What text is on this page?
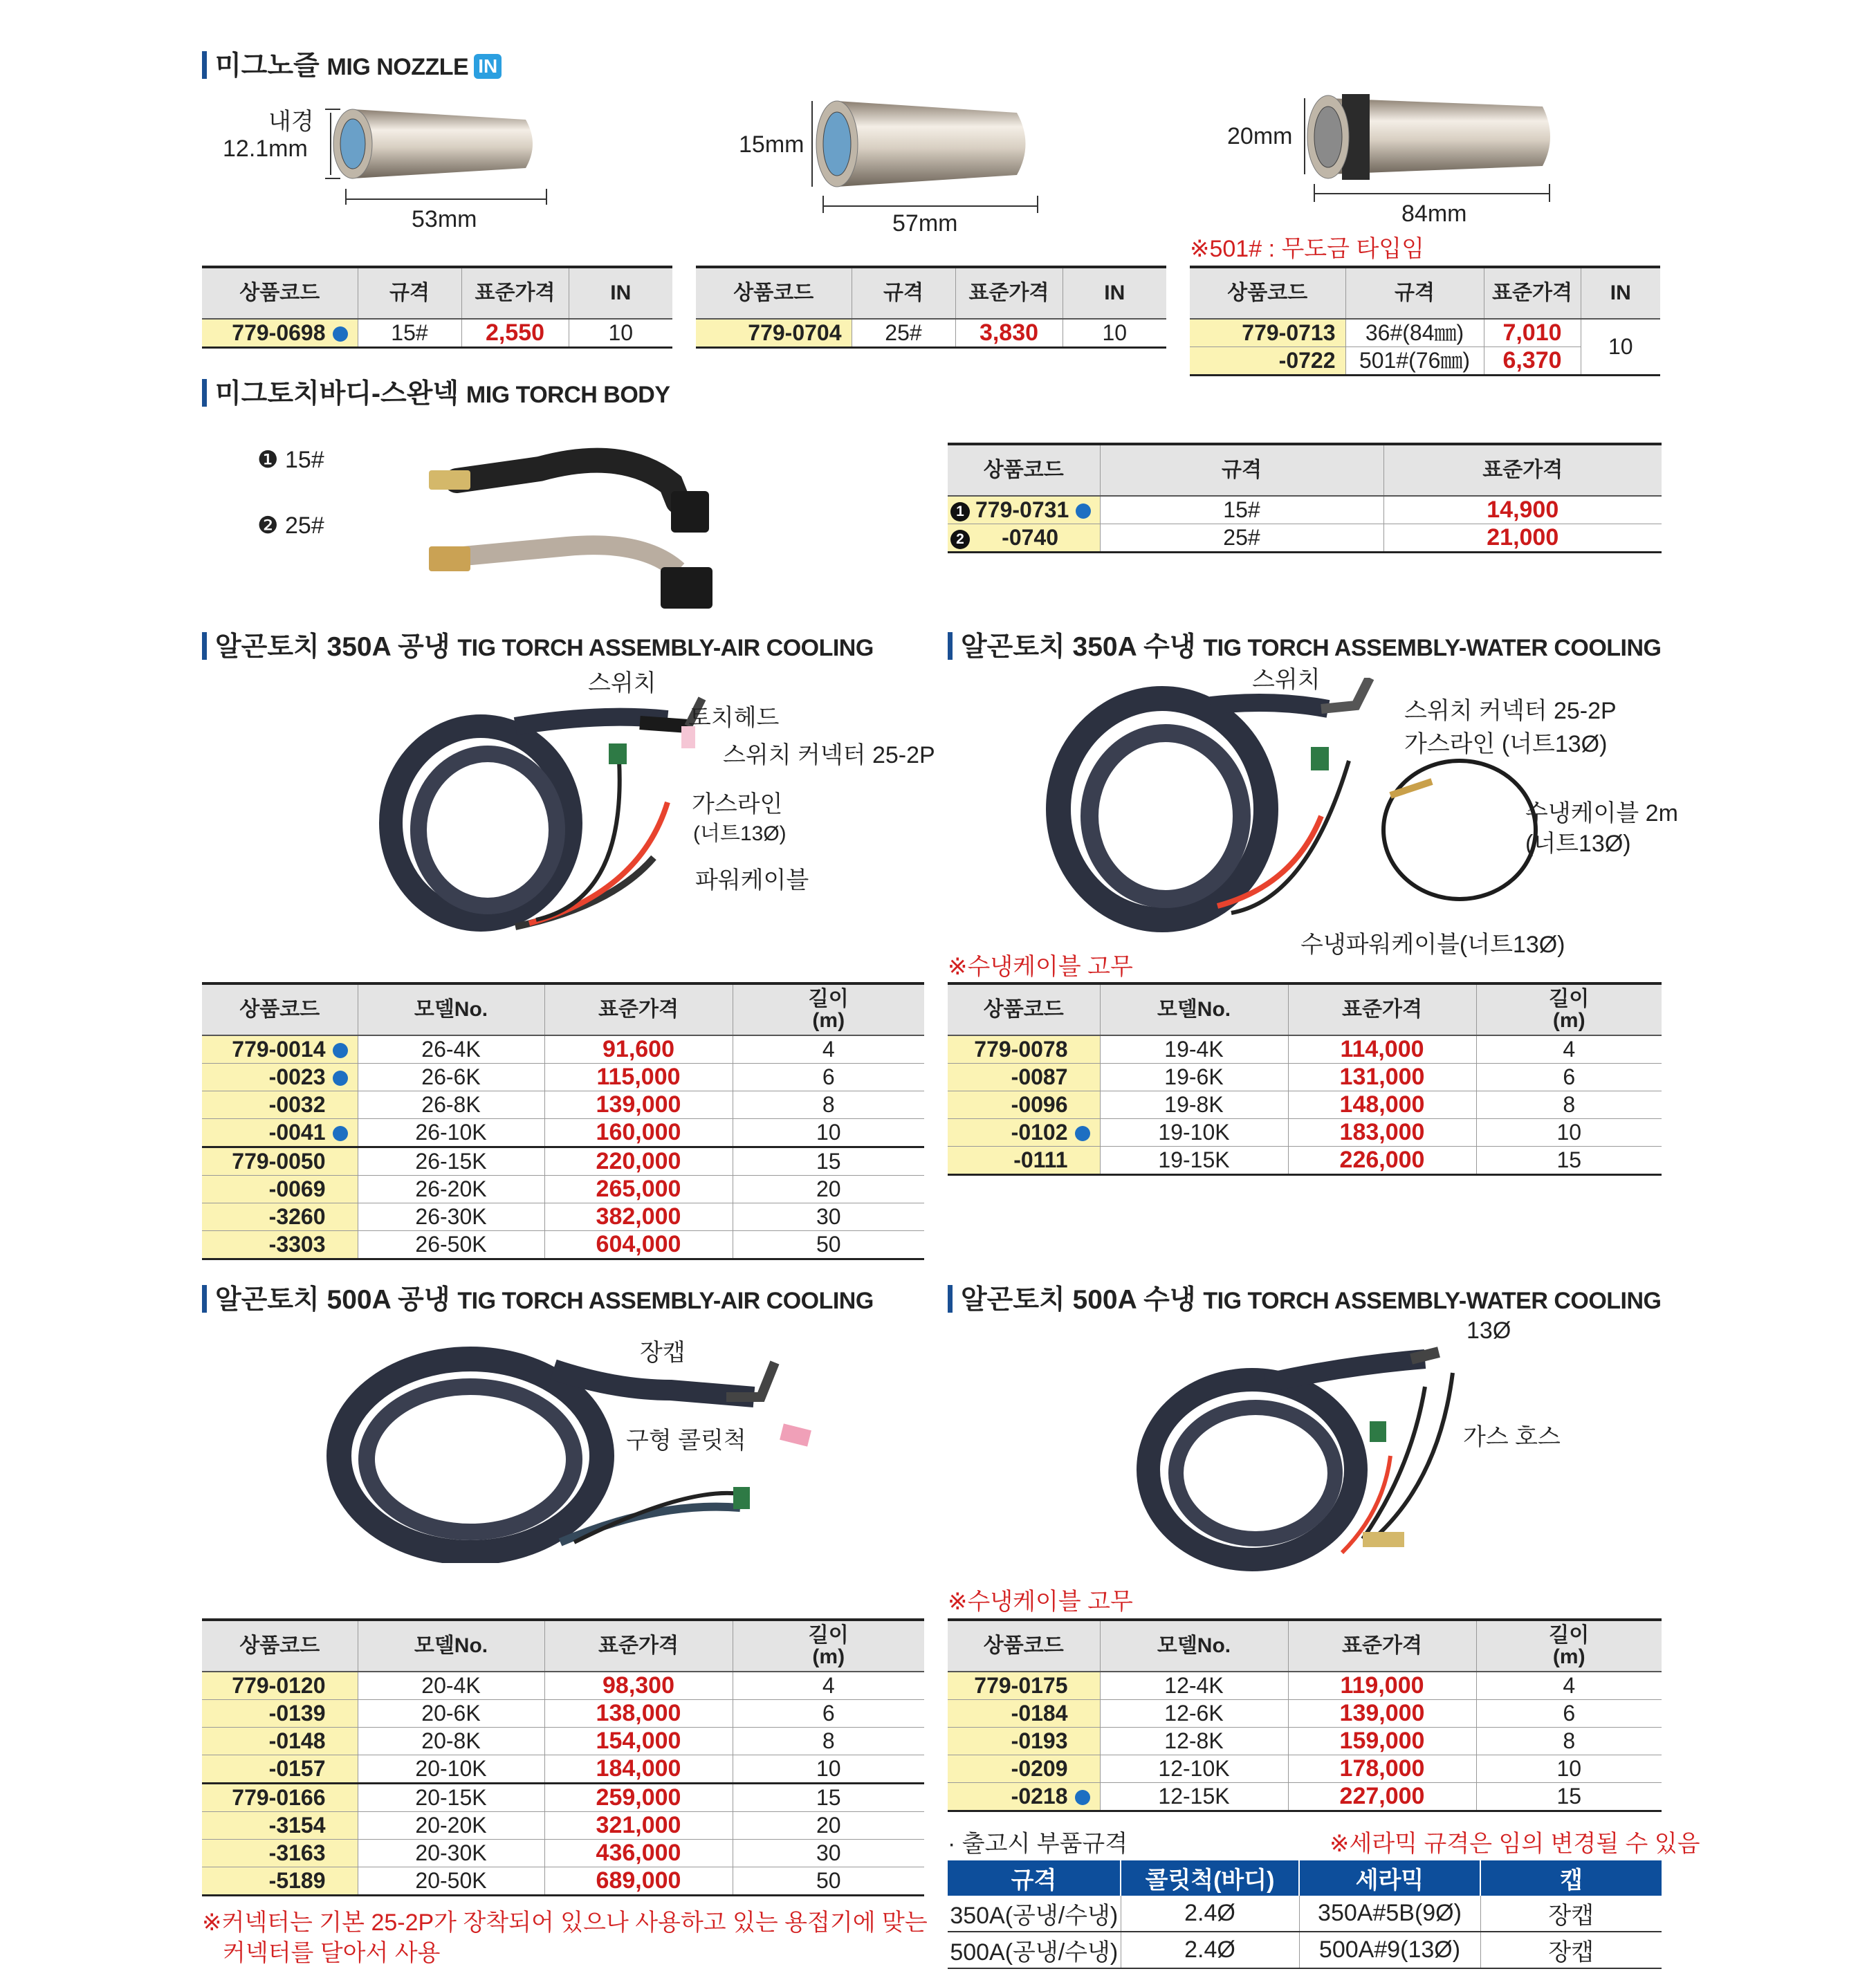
미그노즐 MIG NOZZLE IN
내경
12.1mm
53mm
15mm
57mm
20mm
84mm
※501# : 무도금 타입임
상품코드	규격	표준가격	IN
779-0698	15#	2,550	10
상품코드	규격	표준가격	IN
779-0704	25#	3,830	10
상품코드	규격	표준가격	IN
779-0713	36#(84㎜)	7,010	10
-0722	501#(76㎜)	6,370	
미그토치바디-스완넥 MIG TORCH BODY
❶ 15#
❷ 25#
상품코드	규격	표준가격
1 779-0731	15#	14,900
2 -0740	25#	21,000
알곤토치 350A 공냉 TIG TORCH ASSEMBLY-AIR COOLING
스위치
토치헤드
스위치 커넥터 25-2P
가스라인
(너트13Ø)
파워케이블
상품코드	모델No.	표준가격	길이
(m)
779-0014	26-4K	91,600	4
-0023	26-6K	115,000	6
-0032	26-8K	139,000	8
-0041	26-10K	160,000	10
779-0050	26-15K	220,000	15
-0069	26-20K	265,000	20
-3260	26-30K	382,000	30
-3303	26-50K	604,000	50
알곤토치 350A 수냉 TIG TORCH ASSEMBLY-WATER COOLING
스위치
스위치 커넥터 25-2P
가스라인 (너트13Ø)
수냉케이블 2m
(너트13Ø)
수냉파워케이블(너트13Ø)
※수냉케이블 고무
상품코드	모델No.	표준가격	길이
(m)
779-0078	19-4K	114,000	4
-0087	19-6K	131,000	6
-0096	19-8K	148,000	8
-0102	19-10K	183,000	10
-0111	19-15K	226,000	15
알곤토치 500A 공냉 TIG TORCH ASSEMBLY-AIR COOLING
장캡
구형 콜릿척
상품코드	모델No.	표준가격	길이
(m)
779-0120	20-4K	98,300	4
-0139	20-6K	138,000	6
-0148	20-8K	154,000	8
-0157	20-10K	184,000	10
779-0166	20-15K	259,000	15
-3154	20-20K	321,000	20
-3163	20-30K	436,000	30
-5189	20-50K	689,000	50
※커넥터는 기본 25-2P가 장착되어 있으나 사용하고 있는 용접기에 맞는
커넥터를 달아서 사용
알곤토치 500A 수냉 TIG TORCH ASSEMBLY-WATER COOLING
13Ø
가스 호스
※수냉케이블 고무
상품코드	모델No.	표준가격	길이
(m)
779-0175	12-4K	119,000	4
-0184	12-6K	139,000	6
-0193	12-8K	159,000	8
-0209	12-10K	178,000	10
-0218	12-15K	227,000	15
· 출고시 부품규격	※세라믹 규격은 임의 변경될 수 있음
규격	콜릿척(바디)	세라믹	캡
350A(공냉/수냉)	2.4Ø	350A#5B(9Ø)	장캡
500A(공냉/수냉)	2.4Ø	500A#9(13Ø)	장캡
